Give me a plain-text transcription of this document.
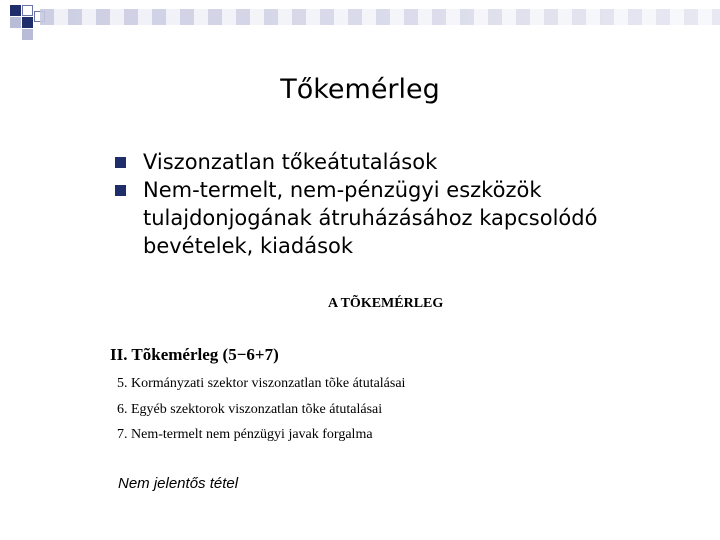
Tőkemérleg

Viszonzatlan tőkeátutalások

Nem-termelt, nem-pénzügyi eszközök tulajdonjogának átruházásához kapcsolódó bevételek, kiadások

A TÕKEMÉRLEG
II. Tõkemérleg (5−6+7)
5. Kormányzati szektor viszonzatlan tõke átutalásai
6. Egyéb szektorok viszonzatlan tõke átutalásai
7. Nem-termelt nem pénzügyi javak forgalma
Nem jelentős tétel
